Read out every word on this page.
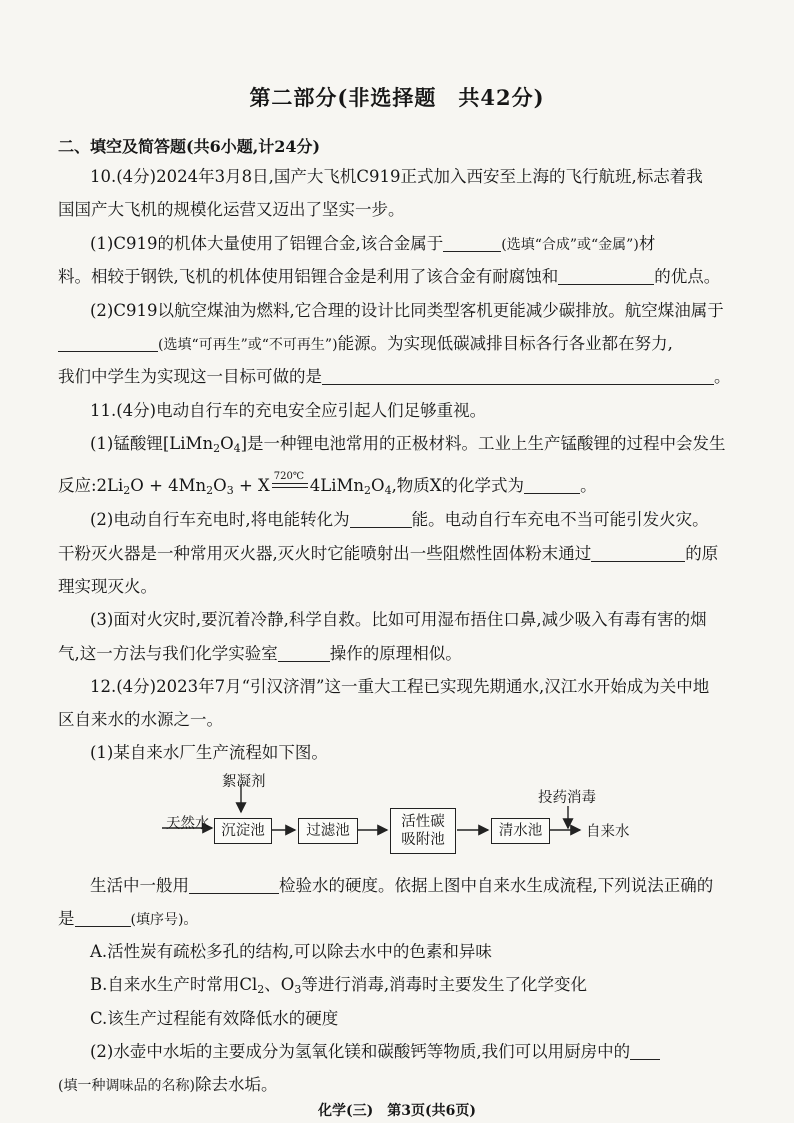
第二部分(非选择题　共42分)
二、填空及简答题(共6小题,计24分)
10.(4分)2024年3月8日,国产大飞机C919正式加入西安至上海的飞行航班,标志着我
国国产大飞机的规模化运营又迈出了坚实一步。
(1)C919的机体大量使用了铝锂合金,该合金属于	(选填“合成”或“金属”)材
料。相较于钢铁,飞机的机体使用铝锂合金是利用了该合金有耐腐蚀和	的优点。
(2)C919以航空煤油为燃料,它合理的设计比同类型客机更能减少碳排放。航空煤油属于
(选填“可再生”或“不可再生”)能源。为实现低碳减排目标各行各业都在努力,
我们中学生为实现这一目标可做的是	。
11.(4分)电动自行车的充电安全应引起人们足够重视。
(1)锰酸锂$[LiMn_2O_4]$是一种锂电池常用的正极材料。工业上生产锰酸锂的过程中会发生
反应$:2Li_2O + 4Mn_2O_3 + X$ 720℃ $4LiMn_2O_4$,物质X的化学式为	。
(2)电动自行车充电时,将电能转化为	能。电动自行车充电不当可能引发火灾。
干粉灭火器是一种常用灭火器,灭火时它能喷射出一些阻燃性固体粉末通过	的原
理实现灭火。
(3)面对火灾时,要沉着冷静,科学自救。比如可用湿布捂住口鼻,减少吸入有毒有害的烟
气,这一方法与我们化学实验室	操作的原理相似。
12.(4分)2023年7月“引汉济渭”这一重大工程已实现先期通水,汉江水开始成为关中地
区自来水的水源之一。
(1)某自来水厂生产流程如下图。
天然水
絮凝剂
沉淀池	过滤池
活性碳
吸附池
清水池
投药消毒
自来水
生活中一般用	检验水的硬度。依据上图中自来水生成流程,下列说法正确的
是	(填序号)。
A.活性炭有疏松多孔的结构,可以除去水中的色素和异味
B.自来水生产时常用$Cl_2$、$O_3$等进行消毒,消毒时主要发生了化学变化
C.该生产过程能有效降低水的硬度
(2)水壶中水垢的主要成分为氢氧化镁和碳酸钙等物质,我们可以用厨房中的
(填一种调味品的名称)除去水垢。
化学(三)　第3页(共6页)
